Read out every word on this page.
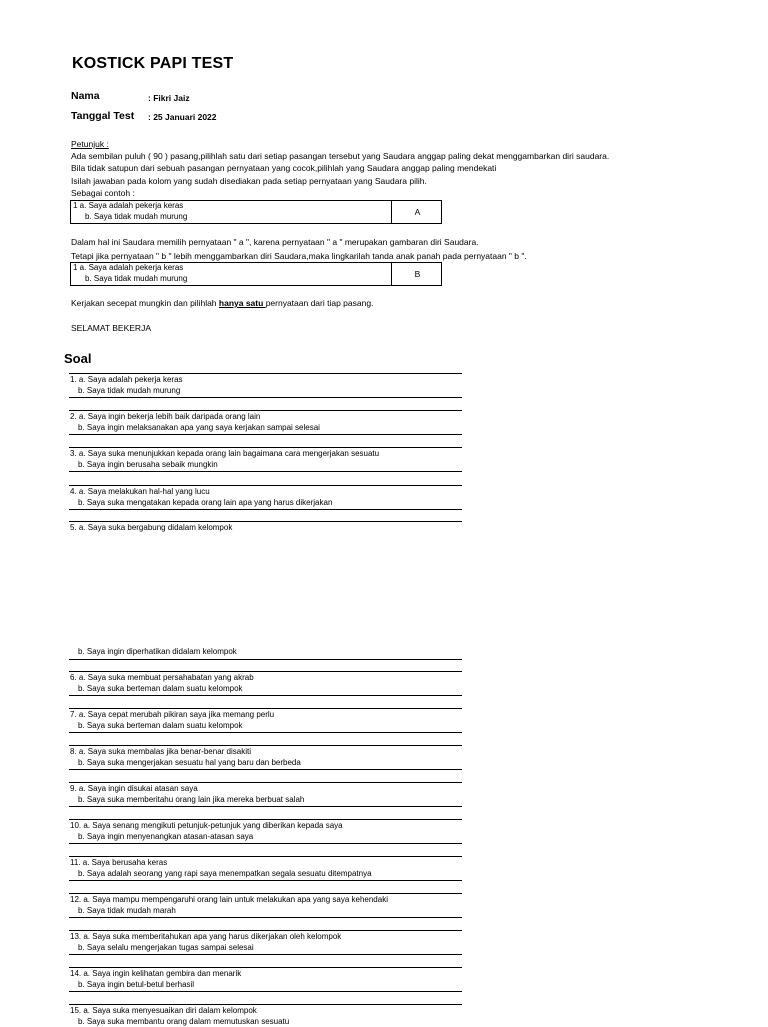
KOSTICK PAPI TEST
Nama	: Fikri Jaiz
Tanggal Test : 25 Januari 2022
Petunjuk :
Ada sembilan puluh ( 90 ) pasang,pilihlah satu dari setiap pasangan tersebut yang Saudara anggap paling dekat menggambarkan diri saudara.
Bila tidak satupun dari sebuah pasangan pernyataan yang cocok,pilihlah yang Saudara anggap paling mendekati
Isilah jawaban pada kolom yang sudah disediakan pada setiap pernyataan yang Saudara pilih.
Sebagai contoh :
1 a. Saya adalah pekerja keras
b. Saya tidak mudah murung	A
Dalam hal ini Saudara memilih pernyataan " a ", karena pernyataan " a " merupakan gambaran diri Saudara.
Tetapi jika pernyataan " b " lebih menggambarkan diri Saudara,maka lingkarilah tanda anak panah pada pernyataan " b ".
1 a. Saya adalah pekerja keras
b. Saya tidak mudah murung	B
Kerjakan secepat mungkin dan pilihlah hanya satu pernyataan dari tiap pasang.
SELAMAT BEKERJA
Soal
1. a. Saya adalah pekerja keras
b. Saya tidak mudah murung
2. a. Saya ingin bekerja lebih baik daripada orang lain
b. Saya ingin melaksanakan apa yang saya kerjakan sampai selesai
3. a. Saya suka menunjukkan kepada orang lain bagaimana cara mengerjakan sesuatu
b. Saya ingin berusaha sebaik mungkin
4. a. Saya melakukan hal-hal yang lucu
b. Saya suka mengatakan kepada orang lain apa yang harus dikerjakan
5. a. Saya suka bergabung didalam kelompok
b. Saya ingin diperhatikan didalam kelompok
6. a. Saya suka membuat persahabatan yang akrab
b. Saya suka berteman dalam suatu kelompok
7. a. Saya cepat merubah pikiran saya jika memang perlu
b. Saya suka berteman dalam suatu kelompok
8. a. Saya suka membalas jika benar-benar disakiti
b. Saya suka mengerjakan sesuatu hal yang baru dan berbeda
9. a. Saya ingin disukai atasan saya
b. Saya suka memberitahu orang lain jika mereka berbuat salah
10. a. Saya senang mengikuti petunjuk-petunjuk yang diberikan kepada saya
b. Saya ingin menyenangkan atasan-atasan saya
11. a. Saya berusaha keras
b. Saya adalah seorang yang rapi saya menempatkan segala sesuatu ditempatnya
12. a. Saya mampu mempengaruhi orang lain untuk melakukan apa yang saya kehendaki
b. Saya tidak mudah marah
13. a. Saya suka memberitahukan apa yang harus dikerjakan oleh kelompok
b. Saya selalu mengerjakan tugas sampai selesai
14. a. Saya ingin kelihatan gembira dan menarik
b. Saya ingin betul-betul berhasil
15. a. Saya suka menyesuaikan diri dalam kelompok
b. Saya suka membantu orang dalam memutuskan sesuatu
